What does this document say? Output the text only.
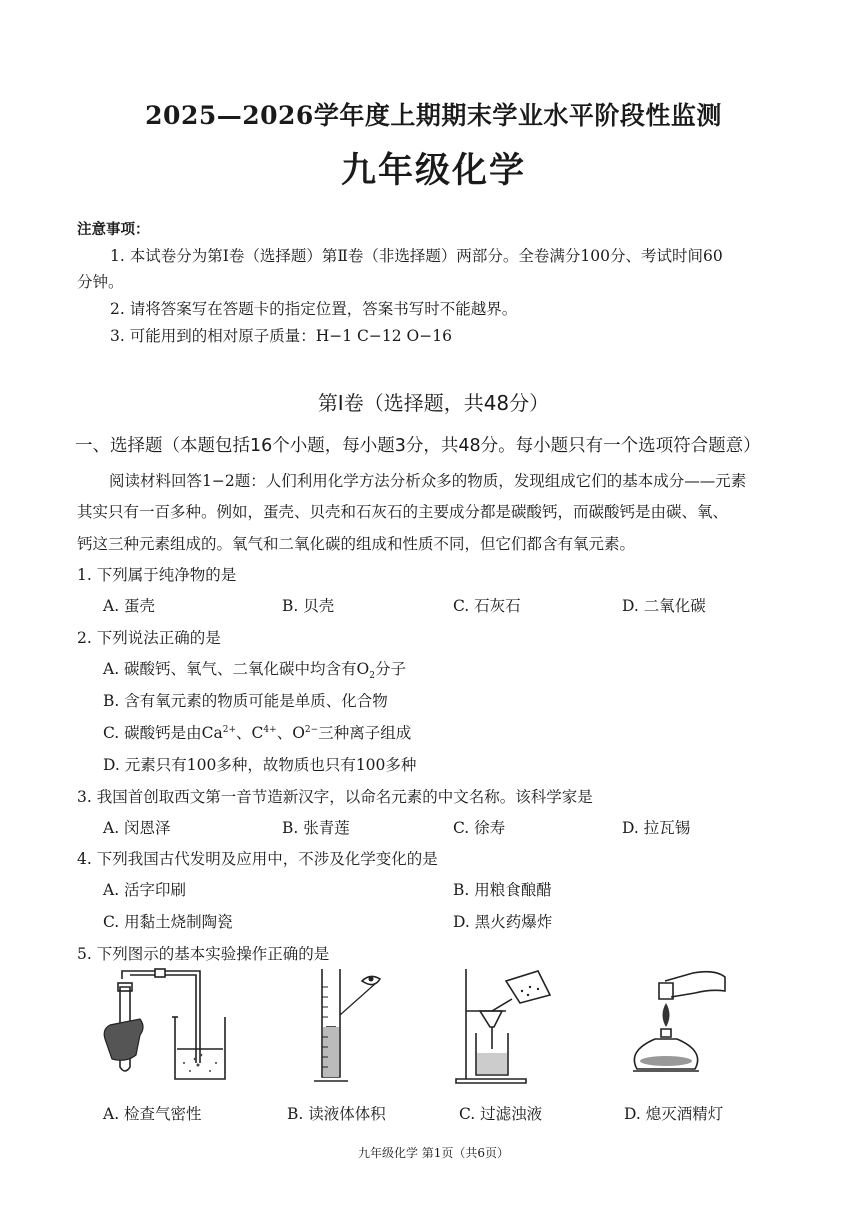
2025—2026学年度上期期末学业水平阶段性监测
九年级化学
注意事项：
1. 本试卷分为第Ⅰ卷（选择题）第Ⅱ卷（非选择题）两部分。全卷满分100分、考试时间60
分钟。
2. 请将答案写在答题卡的指定位置，答案书写时不能越界。
3. 可能用到的相对原子质量：H−1 C−12 O−16
第Ⅰ卷（选择题，共48分）
一、选择题（本题包括16个小题，每小题3分，共48分。每小题只有一个选项符合题意）
阅读材料回答1−2题：人们利用化学方法分析众多的物质，发现组成它们的基本成分——元素
其实只有一百多种。例如，蛋壳、贝壳和石灰石的主要成分都是碳酸钙，而碳酸钙是由碳、氧、
钙这三种元素组成的。氧气和二氧化碳的组成和性质不同，但它们都含有氧元素。
1. 下列属于纯净物的是
A. 蛋壳	B. 贝壳	C. 石灰石	D. 二氧化碳
2. 下列说法正确的是
A. 碳酸钙、氧气、二氧化碳中均含有$O_2$分子
B. 含有氧元素的物质可能是单质、化合物
C. 碳酸钙是由$Ca^{2+}$、$C^{4+}$、$O^{2-}$三种离子组成
D. 元素只有100多种，故物质也只有100多种
3. 我国首创取西文第一音节造新汉字，以命名元素的中文名称。该科学家是
A. 闵恩泽	B. 张青莲	C. 徐寿	D. 拉瓦锡
4. 下列我国古代发明及应用中，不涉及化学变化的是
A. 活字印刷	B. 用粮食酿醋
C. 用黏土烧制陶瓷	D. 黑火药爆炸
5. 下列图示的基本实验操作正确的是
A. 检查气密性	B. 读液体体积	C. 过滤浊液	D. 熄灭酒精灯
九年级化学 第1页（共6页）
